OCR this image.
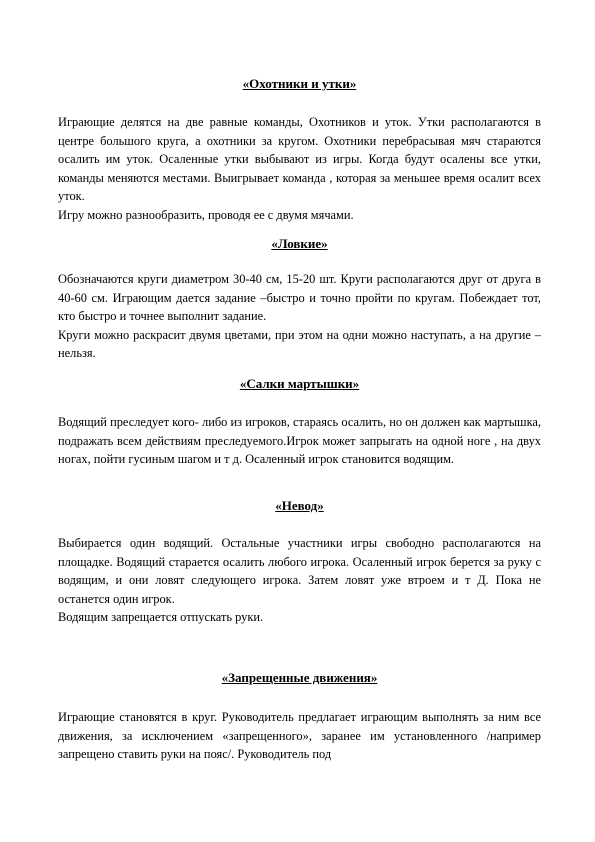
«Охотники и утки»

Играющие делятся на две равные команды, Охотников и уток. Утки располагаются в центре большого круга, а охотники за кругом. Охотники перебрасывая мяч стараются осалить им уток. Осаленные утки выбывают из игры. Когда будут осалены все утки, команды меняются местами. Выигрывает команда , которая за меньшее время осалит всех уток.

Игру можно разнообразить, проводя ее с двумя мячами.

«Ловкие»

Обозначаются круги диаметром 30-40 см, 15-20 шт. Круги располагаются друг от друга в 40-60 см. Играющим дается задание –быстро и точно пройти по кругам. Побеждает тот, кто быстро и точнее выполнит задание.

Круги можно раскрасит двумя цветами, при этом на одни можно наступать, а на другие – нельзя.

«Салки мартышки»

Водящий преследует кого- либо из игроков, стараясь осалить, но он должен как мартышка, подражать всем действиям преследуемого.Игрок может запрыгать на одной ноге , на двух ногах, пойти гусиным шагом и т д. Осаленный игрок становится водящим.

«Невод»

Выбирается один водящий. Остальные участники игры свободно располагаются на площадке. Водящий старается осалить любого игрока. Осаленный игрок берется за руку с водящим, и они ловят следующего игрока. Затем ловят уже втроем и т Д. Пока не останется один игрок.

Водящим запрещается отпускать руки.

«Запрещенные движения»

Играющие становятся в круг. Руководитель предлагает играющим выполнять за ним все движения, за исключением «запрещенного», заранее им установленного /например запрещено ставить руки на пояс/. Руководитель под
